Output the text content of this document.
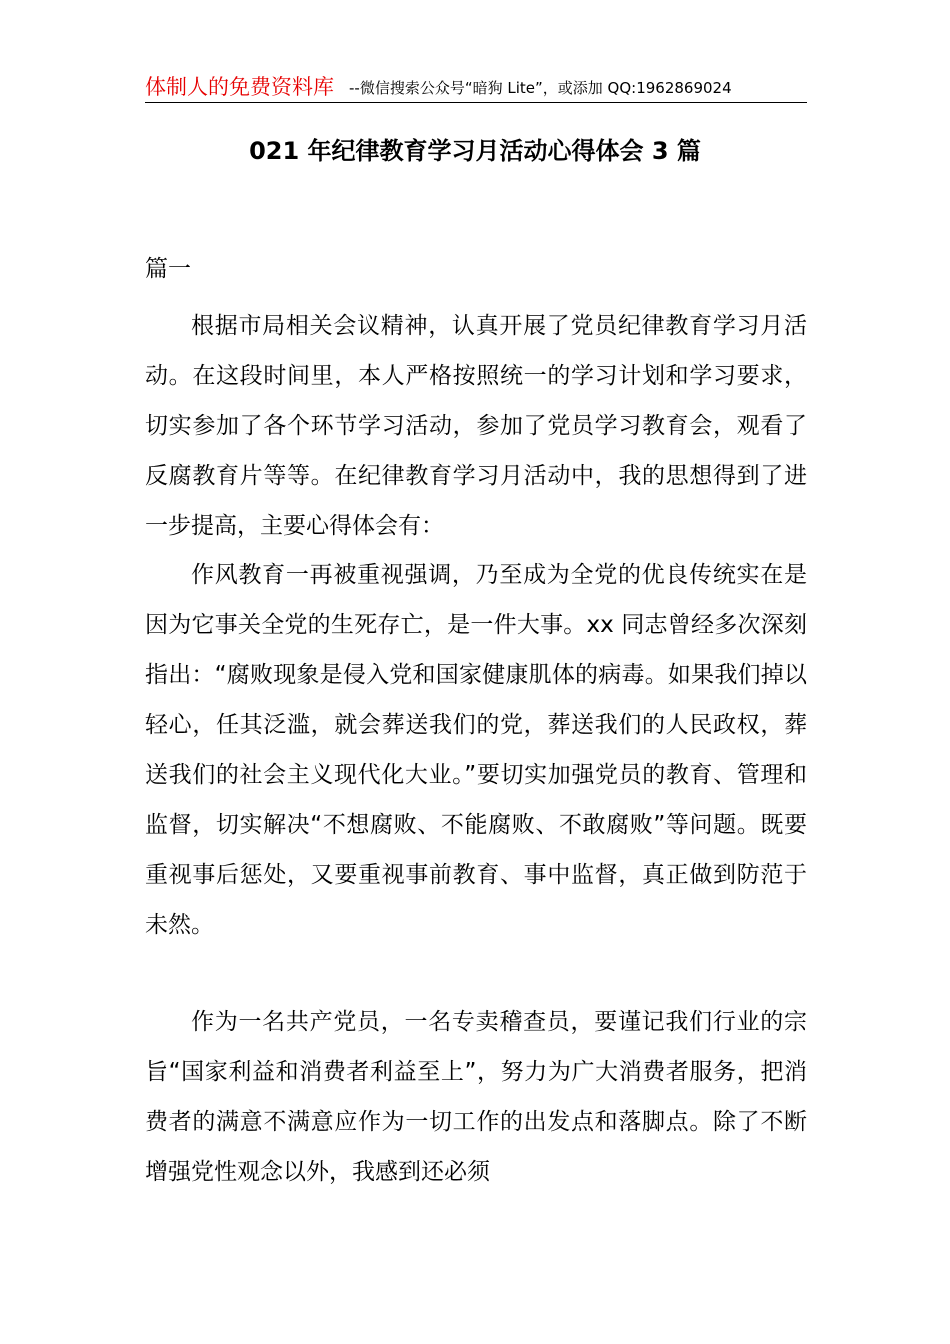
体制人的免费资料库 --微信搜索公众号“暗狗 Lite”，或添加 QQ:1962869024
021 年纪律教育学习月活动心得体会 3 篇
篇一
根据市局相关会议精神，认真开展了党员纪律教育学习月活动。在这段时间里，本人严格按照统一的学习计划和学习要求，切实参加了各个环节学习活动，参加了党员学习教育会，观看了反腐教育片等等。在纪律教育学习月活动中，我的思想得到了进一步提高，主要心得体会有：
作风教育一再被重视强调，乃至成为全党的优良传统实在是因为它事关全党的生死存亡，是一件大事。xx 同志曾经多次深刻指出：“腐败现象是侵入党和国家健康肌体的病毒。如果我们掉以轻心，任其泛滥，就会葬送我们的党，葬送我们的人民政权，葬送我们的社会主义现代化大业。”要切实加强党员的教育、管理和监督，切实解决“不想腐败、不能腐败、不敢腐败”等问题。既要重视事后惩处，又要重视事前教育、事中监督，真正做到防范于未然。
作为一名共产党员，一名专卖稽查员，要谨记我们行业的宗旨“国家利益和消费者利益至上”，努力为广大消费者服务，把消费者的满意不满意应作为一切工作的出发点和落脚点。除了不断增强党性观念以外，我感到还必须
